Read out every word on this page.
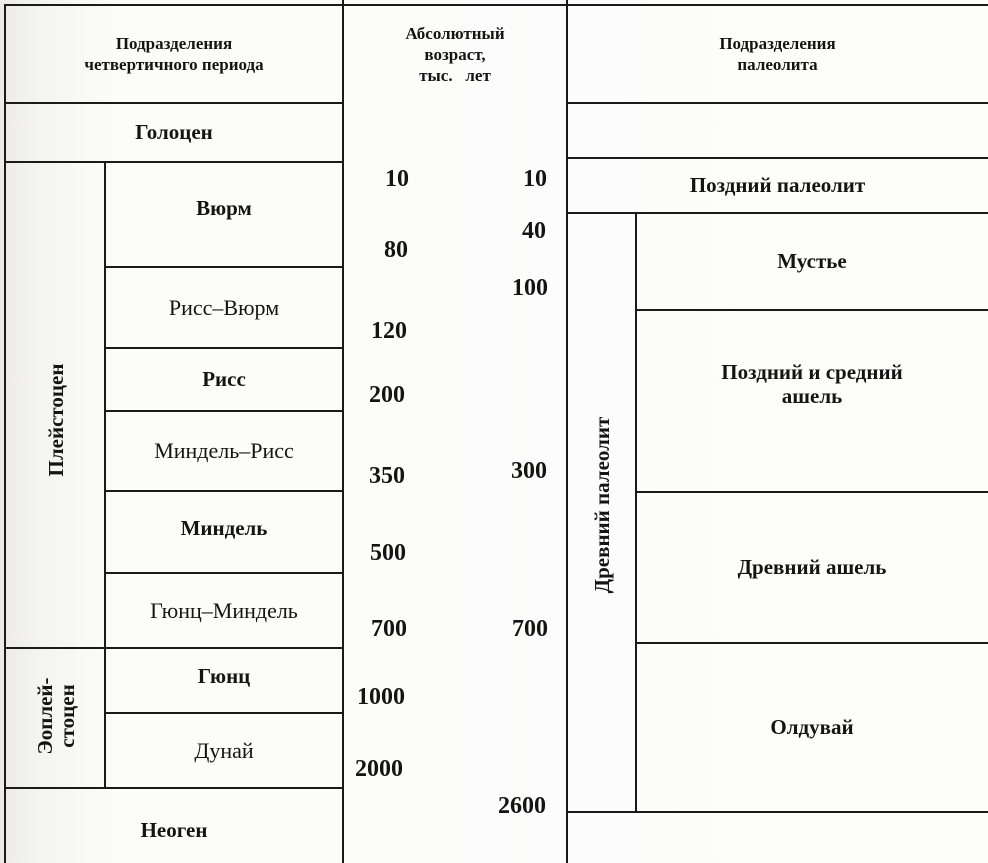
Подразделения
четвертичного периода
Абсолютный
возраст,
тыс.   лет
Подразделения
палеолита
Голоцен
Плейстоцен
Вюрм
Рисс–Вюрм
Рисс
Миндель–Рисс
Миндель
Гюнц–Миндель
Эоплей-
стоцен
Гюнц
Дунай
Неоген
10
80
120
200
350
500
700
1000
2000
10
40
100
300
700
2600
Поздний палеолит
Древний палеолит
Мустье
Поздний и средний
ашель
Древний ашель
Олдувай
